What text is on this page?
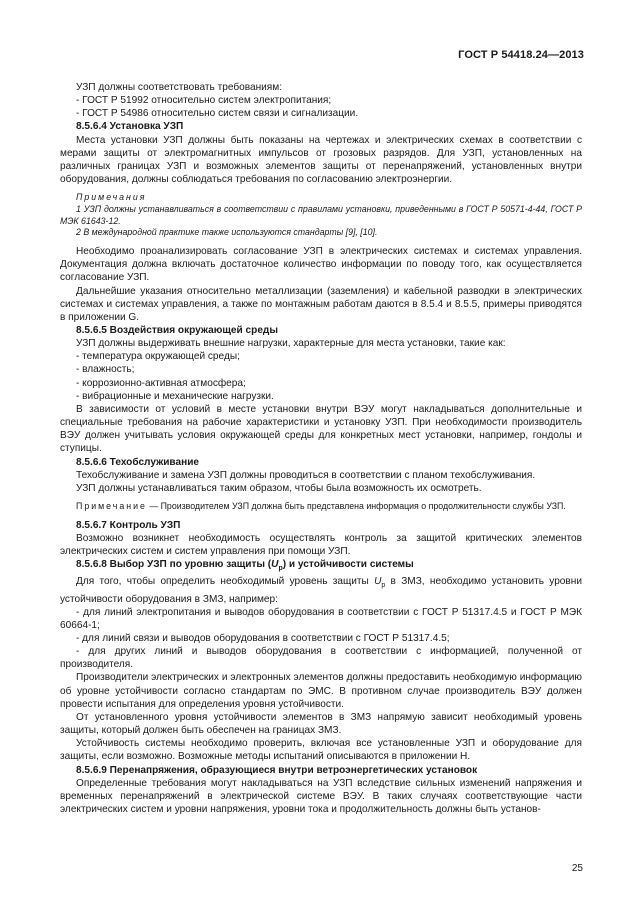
ГОСТ Р 54418.24—2013

УЗП должны соответствовать требованиям:

- ГОСТ Р 51992 относительно систем электропитания;

- ГОСТ Р 54986 относительно систем связи и сигнализации.

8.5.6.4 Установка УЗП

Места установки УЗП должны быть показаны на чертежах и электрических схемах в соответствии с мерами защиты от электромагнитных импульсов от грозовых разрядов. Для УЗП, установленных на различных границах УЗП и возможных элементов защиты от перенапряжений, установленных внутри оборудования, должны соблюдаться требования по согласованию электроэнергии.

Примечания

1 УЗП должны устанавливаться в соответствии с правилами установки, приведенными в ГОСТ Р 50571-4-44, ГОСТ Р МЭК 61643-12.

2 В международной практике также используются стандарты [9], [10].

Необходимо проанализировать согласование УЗП в электрических системах и системах управления. Документация должна включать достаточное количество информации по поводу того, как осуществляется согласование УЗП.

Дальнейшие указания относительно металлизации (заземления) и кабельной разводки в электрических системах и системах управления, а также по монтажным работам даются в 8.5.4 и 8.5.5, примеры приводятся в приложении G.

8.5.6.5 Воздействия окружающей среды

УЗП должны выдерживать внешние нагрузки, характерные для места установки, такие как:

- температура окружающей среды;

- влажность;

- коррозионно-активная атмосфера;

- вибрационные и механические нагрузки.

В зависимости от условий в месте установки внутри ВЭУ могут накладываться дополнительные и специальные требования на рабочие характеристики и установку УЗП. При необходимости производитель ВЭУ должен учитывать условия окружающей среды для конкретных мест установки, например, гондолы и ступицы.

8.5.6.6 Техобслуживание

Техобслуживание и замена УЗП должны проводиться в соответствии с планом техобслуживания.

УЗП должны устанавливаться таким образом, чтобы была возможность их осмотреть.

Примечание — Производителем УЗП должна быть представлена информация о продолжительности службы УЗП.

8.5.6.7 Контроль УЗП

Возможно возникнет необходимость осуществлять контроль за защитой критических элементов электрических систем и систем управления при помощи УЗП.

8.5.6.8 Выбор УЗП по уровню защиты $(U_p)$ и устойчивости системы

Для того, чтобы определить необходимый уровень защиты $U_p$ в ЗМЗ, необходимо установить уровни устойчивости оборудования в ЗМЗ, например:

- для линий электропитания и выводов оборудования в соответствии с ГОСТ Р 51317.4.5 и ГОСТ Р МЭК 60664-1;

- для линий связи и выводов оборудования в соответствии с ГОСТ Р 51317.4.5;

- для других линий и выводов оборудования в соответствии с информацией, полученной от производителя.

Производители электрических и электронных элементов должны предоставить необходимую информацию об уровне устойчивости согласно стандартам по ЭМС. В противном случае производитель ВЭУ должен провести испытания для определения уровня устойчивости.

От установленного уровня устойчивости элементов в ЗМЗ напрямую зависит необходимый уровень защиты, который должен быть обеспечен на границах ЗМЗ.

Устойчивость системы необходимо проверить, включая все установленные УЗП и оборудование для защиты, если возможно. Возможные методы испытаний описываются в приложении H.

8.5.6.9 Перенапряжения, образующиеся внутри ветроэнергетических установок

Определенные требования могут накладываться на УЗП вследствие сильных изменений напряжения и временных перенапряжений в электрической системе ВЭУ. В таких случаях соответствующие части электрических систем и уровни напряжения, уровни тока и продолжительность должны быть установ-

25
